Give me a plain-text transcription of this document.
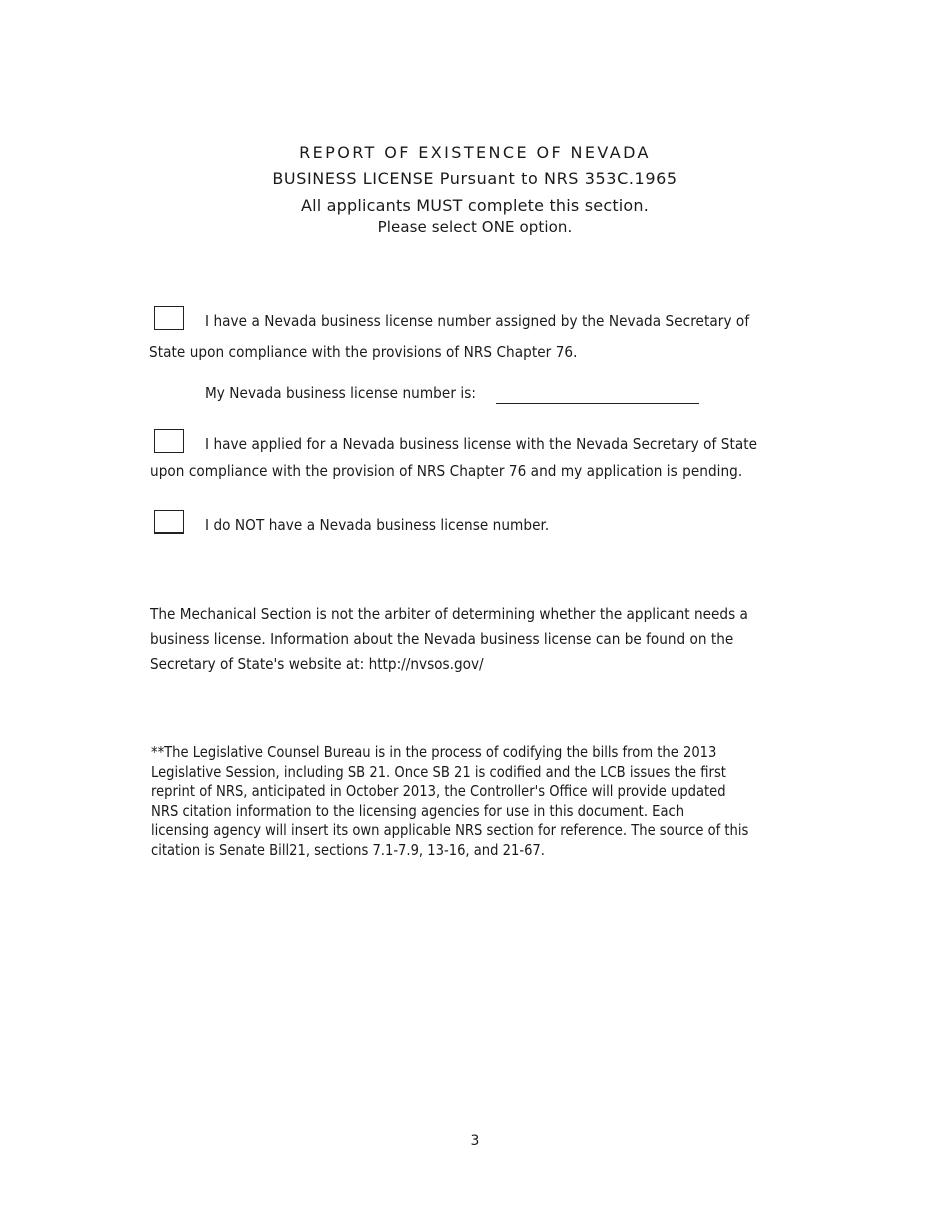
REPORT OF EXISTENCE OF NEVADA
BUSINESS LICENSE Pursuant to NRS 353C.1965
All applicants MUST complete this section.
Please select ONE option.
I have a Nevada business license number assigned by the Nevada Secretary of
State upon compliance with the provisions of NRS Chapter 76.
My Nevada business license number is:
I have applied for a Nevada business license with the Nevada Secretary of State
upon compliance with the provision of NRS Chapter 76 and my application is pending.
I do NOT have a Nevada business license number.
The Mechanical Section is not the arbiter of determining whether the applicant needs a
business license. Information about the Nevada business license can be found on the
Secretary of State's website at: http://nvsos.gov/
**The Legislative Counsel Bureau is in the process of codifying the bills from the 2013
Legislative Session, including SB 21. Once SB 21 is codified and the LCB issues the first
reprint of NRS, anticipated in October 2013, the Controller's Office will provide updated
NRS citation information to the licensing agencies for use in this document. Each
licensing agency will insert its own applicable NRS section for reference. The source of this
citation is Senate Bill21, sections 7.1-7.9, 13-16, and 21-67.
3
